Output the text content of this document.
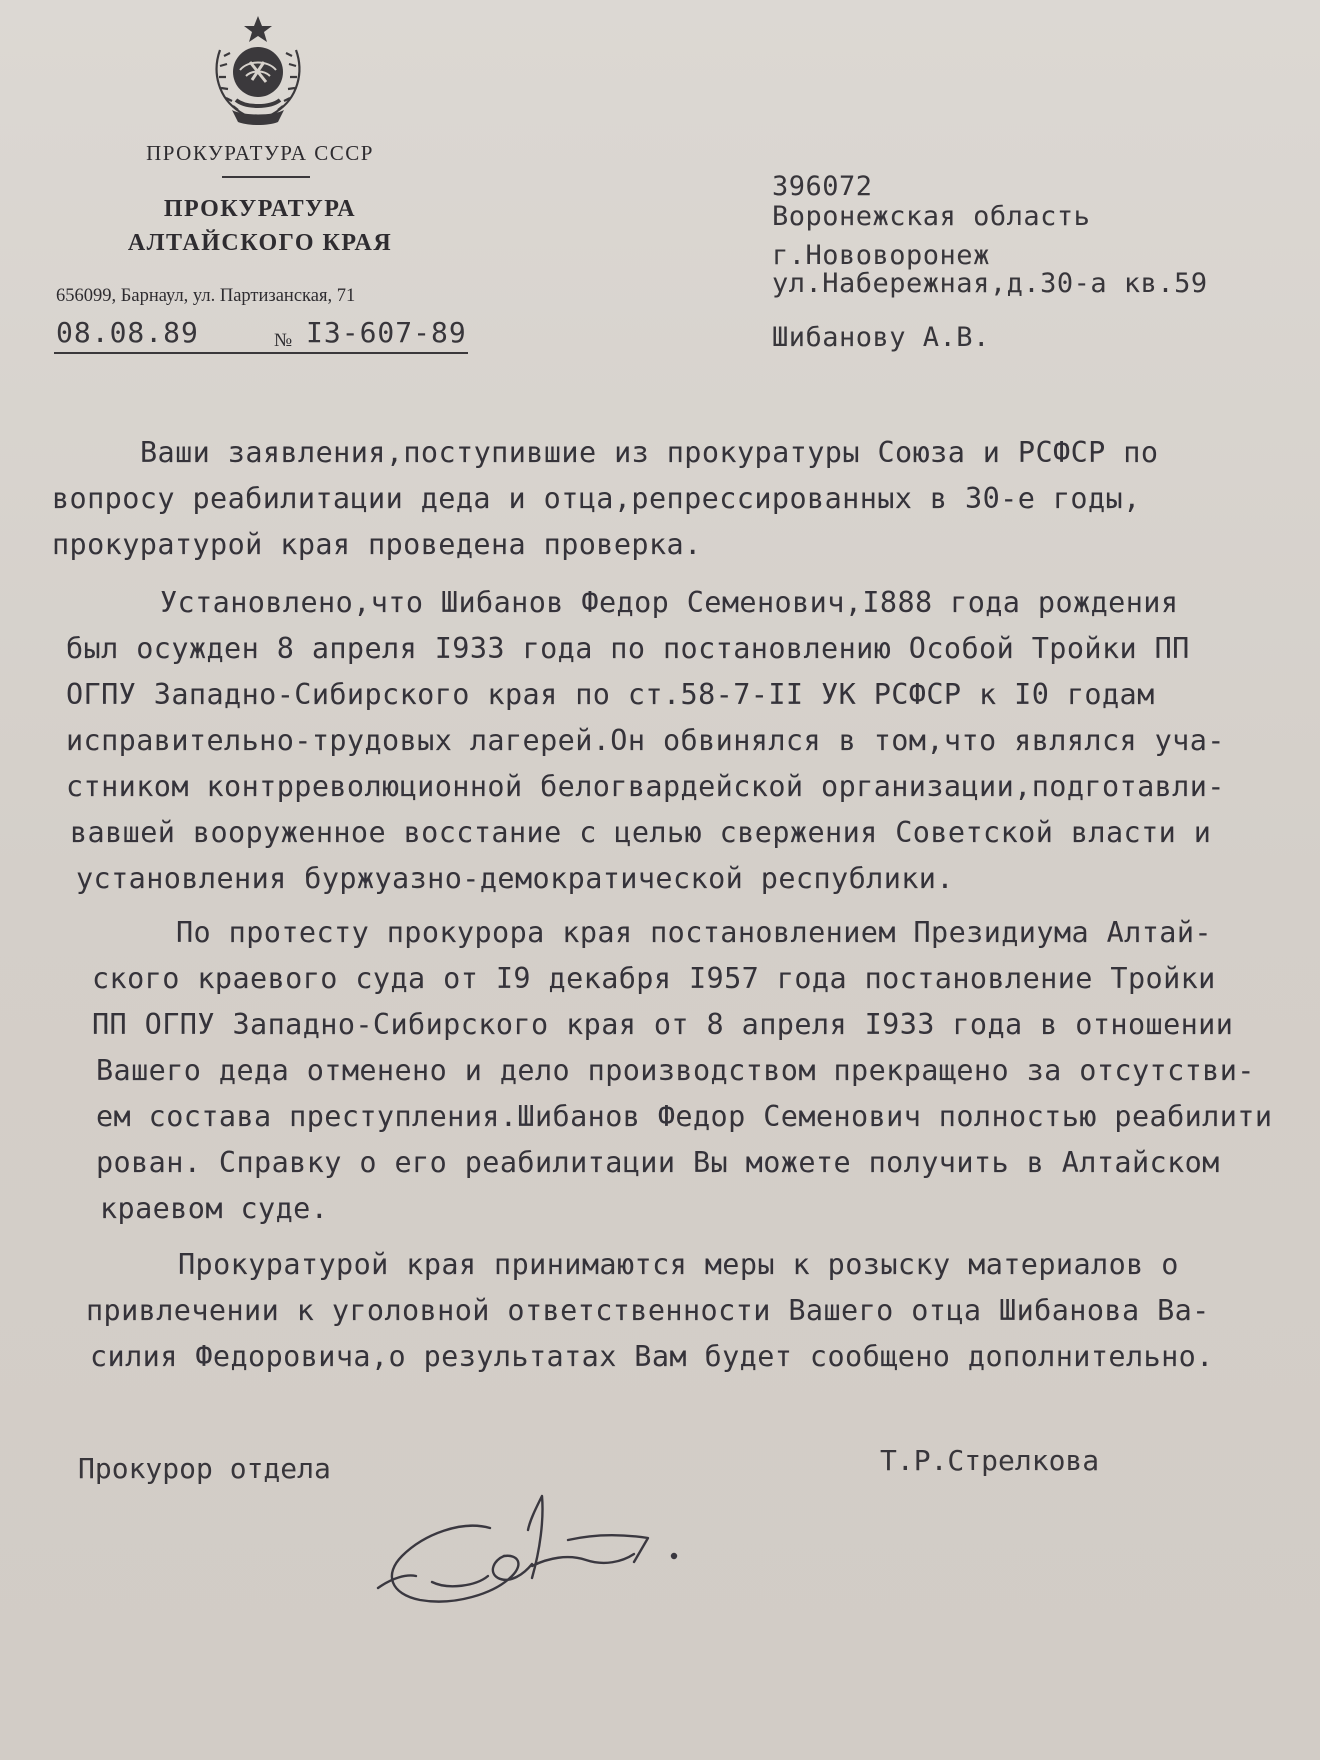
ПРОКУРАТУРА СССР
ПРОКУРАТУРА
АЛТАЙСКОГО КРАЯ
656099, Барнаул, ул. Партизанская, 71
08.08.89	№ I3-607-89
396072
Воронежская область
г.Нововоронеж
ул.Набережная,д.30-а кв.59
Шибанову А.В.
Ваши заявления,поступившие из прокуратуры Союза и РСФСР по
вопросу реабилитации деда и отца,репрессированных в 30-е годы,
прокуратурой края проведена проверка.
Установлено,что Шибанов Федор Семенович,I888 года рождения
был осужден 8 апреля I933 года по постановлению Особой Тройки ПП
ОГПУ Западно-Сибирского края по ст.58-7-II УК РСФСР к I0 годам
исправительно-трудовых лагерей.Он обвинялся в том,что являлся уча-
стником контрреволюционной белогвардейской организации,подготавли-
вавшей вооруженное восстание с целью свержения Советской власти и
установления буржуазно-демократической республики.
По протесту прокурора края постановлением Президиума Алтай-
ского краевого суда от I9 декабря I957 года постановление Тройки
ПП ОГПУ Западно-Сибирского края от 8 апреля I933 года в отношении
Вашего деда отменено и дело производством прекращено за отсутстви-
ем состава преступления.Шибанов Федор Семенович полностью реабилити
рован. Справку о его реабилитации Вы можете получить в Алтайском
краевом суде.
Прокуратурой края принимаются меры к розыску материалов о
привлечении к уголовной ответственности Вашего отца Шибанова Ва-
силия Федоровича,о результатах Вам будет сообщено дополнительно.
Прокурор отдела	Т.Р.Стрелкова
